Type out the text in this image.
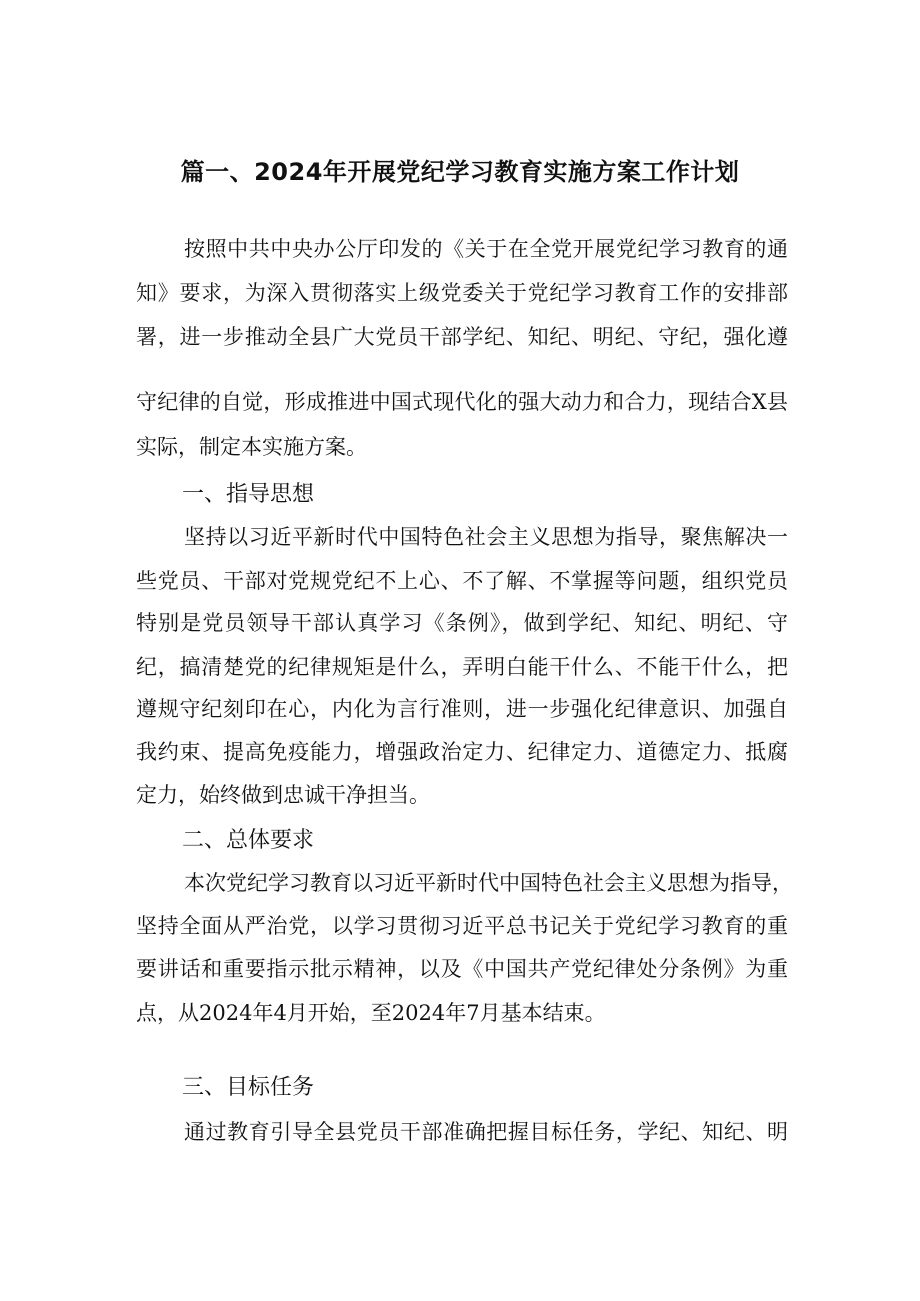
篇一、2024年开展党纪学习教育实施方案工作计划
按照中共中央办公厅印发的《关于在全党开展党纪学习教育的通
知》要求，为深入贯彻落实上级党委关于党纪学习教育工作的安排部
署，进一步推动全县广大党员干部学纪、知纪、明纪、守纪，强化遵
守纪律的自觉，形成推进中国式现代化的强大动力和合力，现结合X县
实际，制定本实施方案。
一、指导思想
坚持以习近平新时代中国特色社会主义思想为指导，聚焦解决一
些党员、干部对党规党纪不上心、不了解、不掌握等问题，组织党员
特别是党员领导干部认真学习《条例》，做到学纪、知纪、明纪、守
纪，搞清楚党的纪律规矩是什么，弄明白能干什么、不能干什么，把
遵规守纪刻印在心，内化为言行准则，进一步强化纪律意识、加强自
我约束、提高免疫能力，增强政治定力、纪律定力、道德定力、抵腐
定力，始终做到忠诚干净担当。
二、总体要求
本次党纪学习教育以习近平新时代中国特色社会主义思想为指导，
坚持全面从严治党，以学习贯彻习近平总书记关于党纪学习教育的重
要讲话和重要指示批示精神，以及《中国共产党纪律处分条例》为重
点，从2024年4月开始，至2024年7月基本结束。
三、目标任务
通过教育引导全县党员干部准确把握目标任务，学纪、知纪、明
